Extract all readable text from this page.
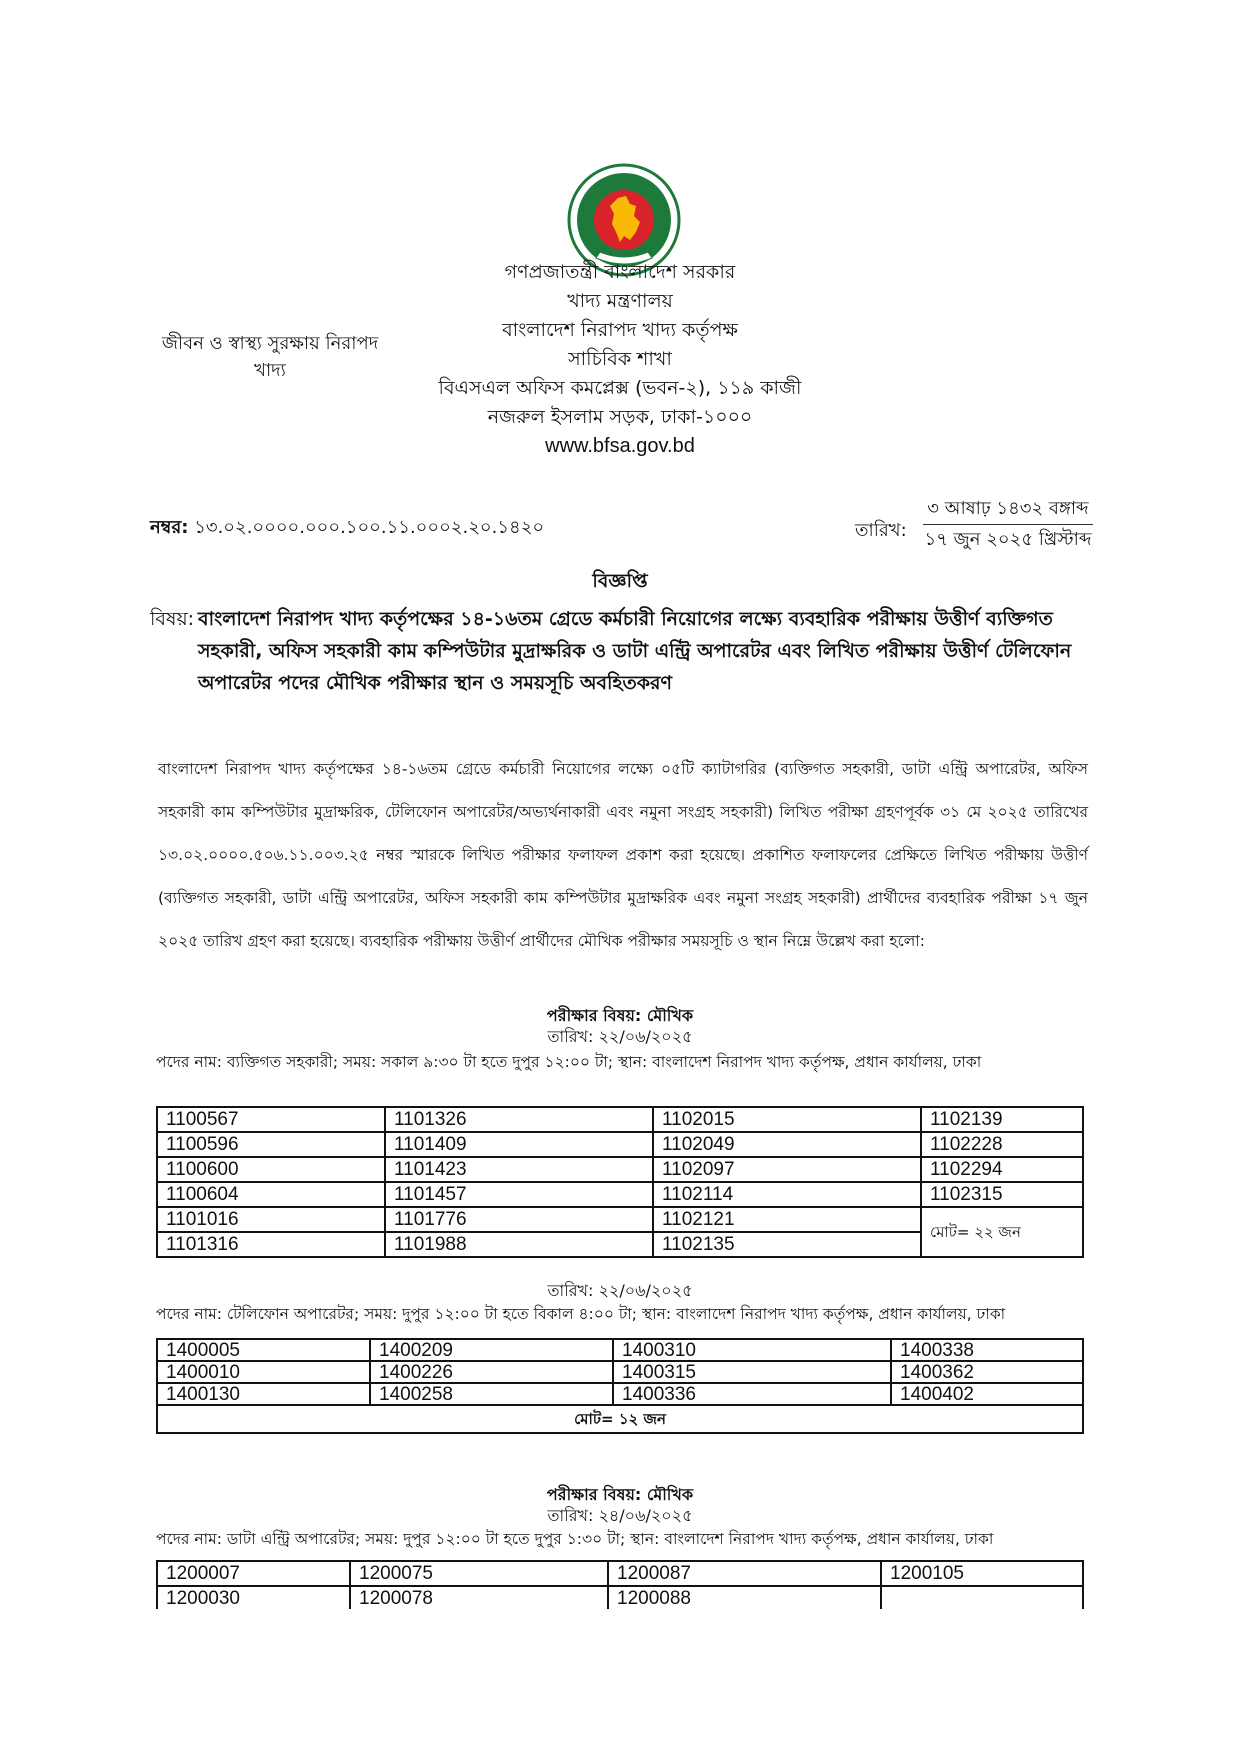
জীবন ও স্বাস্থ্য সুরক্ষায় নিরাপদ
খাদ্য
গণপ্রজাতন্ত্রী বাংলাদেশ সরকার
খাদ্য মন্ত্রণালয়
বাংলাদেশ নিরাপদ খাদ্য কর্তৃপক্ষ
সাচিবিক শাখা
বিএসএল অফিস কমপ্লেক্স (ভবন-২), ১১৯ কাজী
নজরুল ইসলাম সড়ক, ঢাকা-১০০০
www.bfsa.gov.bd
নম্বর: ১৩.০২.০০০০.০০০.১০০.১১.০০০২.২০.১৪২০	তারিখ:
৩ আষাঢ় ১৪৩২ বঙ্গাব্দ
১৭ জুন ২০২৫ খ্রিস্টাব্দ
বিজ্ঞপ্তি
বিষয়: বাংলাদেশ নিরাপদ খাদ্য কর্তৃপক্ষের ১৪-১৬তম গ্রেডে কর্মচারী নিয়োগের লক্ষ্যে ব্যবহারিক পরীক্ষায় উত্তীর্ণ ব্যক্তিগত সহকারী, অফিস সহকারী কাম কম্পিউটার মুদ্রাক্ষরিক ও ডাটা এন্ট্রি অপারেটর এবং লিখিত পরীক্ষায় উত্তীর্ণ টেলিফোন অপারেটর পদের মৌখিক পরীক্ষার স্থান ও সময়সূচি অবহিতকরণ
বাংলাদেশ নিরাপদ খাদ্য কর্তৃপক্ষের ১৪-১৬তম গ্রেডে কর্মচারী নিয়োগের লক্ষ্যে ০৫টি ক্যাটাগরির (ব্যক্তিগত সহকারী, ডাটা এন্ট্রি অপারেটর, অফিস সহকারী কাম কম্পিউটার মুদ্রাক্ষরিক, টেলিফোন অপারেটর/অভ্যর্থনাকারী এবং নমুনা সংগ্রহ সহকারী) লিখিত পরীক্ষা গ্রহণপূর্বক ৩১ মে ২০২৫ তারিখের ১৩.০২.০০০০.৫০৬.১১.০০৩.২৫ নম্বর স্মারকে লিখিত পরীক্ষার ফলাফল প্রকাশ করা হয়েছে। প্রকাশিত ফলাফলের প্রেক্ষিতে লিখিত পরীক্ষায় উত্তীর্ণ (ব্যক্তিগত সহকারী, ডাটা এন্ট্রি অপারেটর, অফিস সহকারী কাম কম্পিউটার মুদ্রাক্ষরিক এবং নমুনা সংগ্রহ সহকারী) প্রার্থীদের ব্যবহারিক পরীক্ষা ১৭ জুন ২০২৫ তারিখ গ্রহণ করা হয়েছে। ব্যবহারিক পরীক্ষায় উত্তীর্ণ প্রার্থীদের মৌখিক পরীক্ষার সময়সূচি ও স্থান নিম্নে উল্লেখ করা হলো:
পরীক্ষার বিষয়: মৌখিক
তারিখ: ২২/০৬/২০২৫
পদের নাম: ব্যক্তিগত সহকারী; সময়: সকাল ৯:৩০ টা হতে দুপুর ১২:০০ টা; স্থান: বাংলাদেশ নিরাপদ খাদ্য কর্তৃপক্ষ, প্রধান কার্যালয়, ঢাকা
1100567	1101326	1102015	1102139
1100596	1101409	1102049	1102228
1100600	1101423	1102097	1102294
1100604	1101457	1102114	1102315
1101016	1101776	1102121	মোট= ২২ জন
1101316	1101988	1102135	
তারিখ: ২২/০৬/২০২৫
পদের নাম: টেলিফোন অপারেটর; সময়: দুপুর ১২:০০ টা হতে বিকাল ৪:০০ টা; স্থান: বাংলাদেশ নিরাপদ খাদ্য কর্তৃপক্ষ, প্রধান কার্যালয়, ঢাকা
1400005	1400209	1400310	1400338
1400010	1400226	1400315	1400362
1400130	1400258	1400336	1400402
মোট= ১২ জন			
পরীক্ষার বিষয়: মৌখিক
তারিখ: ২৪/০৬/২০২৫
পদের নাম: ডাটা এন্ট্রি অপারেটর; সময়: দুপুর ১২:০০ টা হতে দুপুর ১:৩০ টা; স্থান: বাংলাদেশ নিরাপদ খাদ্য কর্তৃপক্ষ, প্রধান কার্যালয়, ঢাকা
1200007	1200075	1200087	1200105
1200030	1200078	1200088	
